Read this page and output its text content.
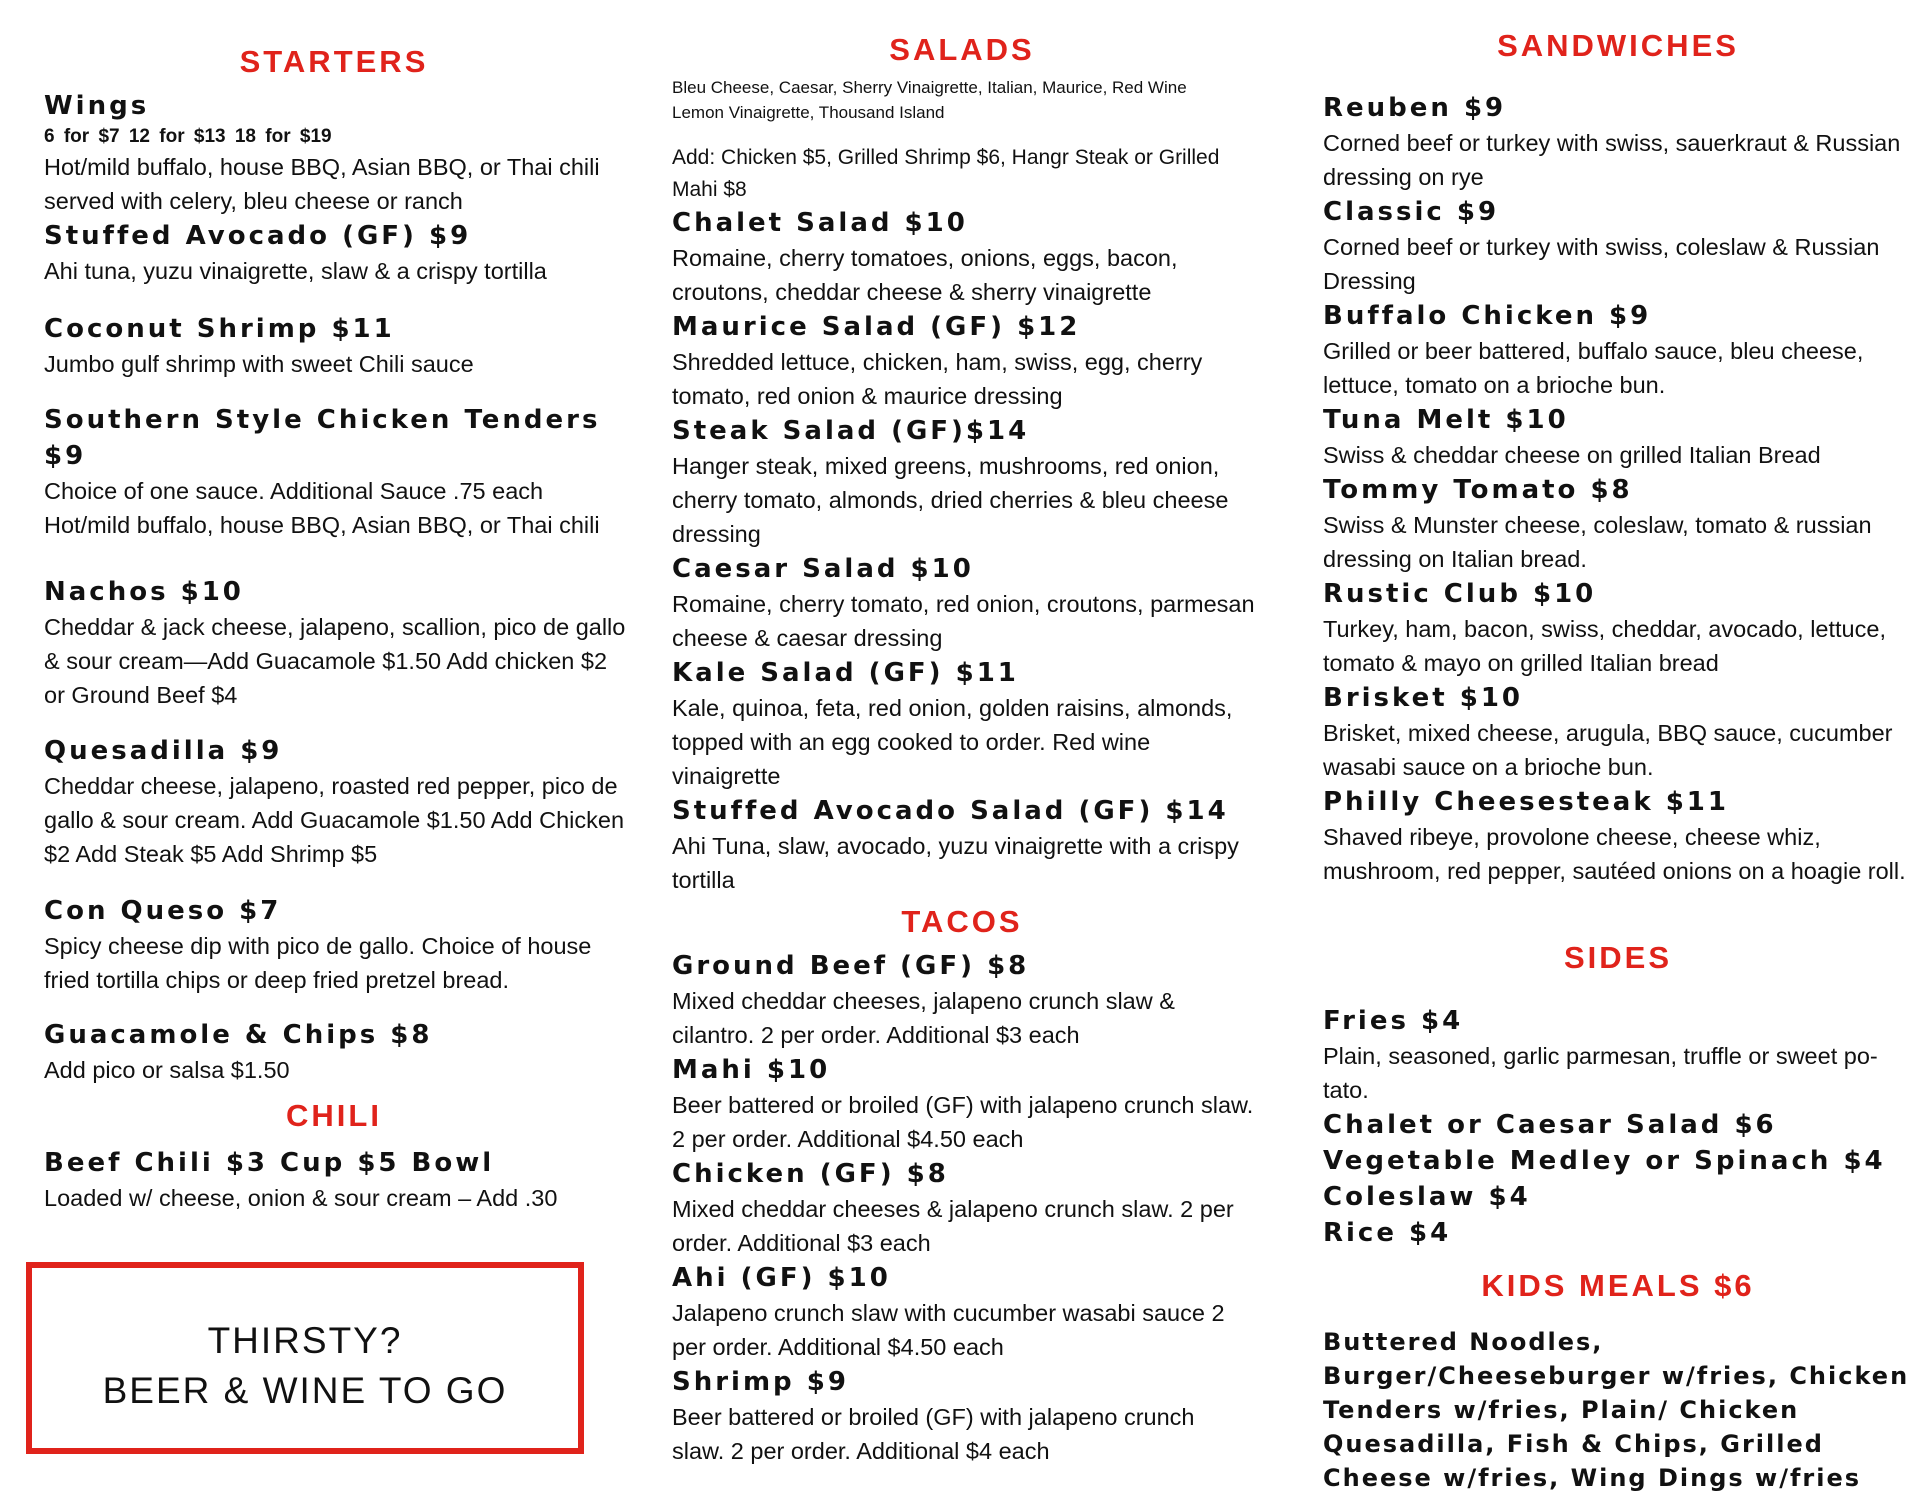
STARTERS

Wings

6 for $7 12 for $13 18 for $19

Hot/mild buffalo, house BBQ, Asian BBQ, or Thai chili served with celery, bleu cheese or ranch

Stuffed Avocado (GF) $9

Ahi tuna, yuzu vinaigrette, slaw & a crispy tortilla

Coconut Shrimp $11

Jumbo gulf shrimp with sweet Chili sauce

Southern Style Chicken Tenders $9

Choice of one sauce. Additional Sauce .75 each Hot/mild buffalo, house BBQ, Asian BBQ, or Thai chili

Nachos $10

Cheddar & jack cheese, jalapeno, scallion, pico de gallo & sour cream—Add Guacamole $1.50 Add chicken $2 or Ground Beef $4

Quesadilla $9

Cheddar cheese, jalapeno, roasted red pepper, pico de gallo & sour cream. Add Guacamole $1.50 Add Chicken $2 Add Steak $5 Add Shrimp $5

Con Queso $7

Spicy cheese dip with pico de gallo. Choice of house fried tortilla chips or deep fried pretzel bread.

Guacamole & Chips $8

Add pico or salsa $1.50

CHILI

Beef Chili $3 Cup $5 Bowl

Loaded w/ cheese, onion & sour cream – Add .30

THIRSTY?
BEER & WINE TO GO
SALADS

Bleu Cheese, Caesar, Sherry Vinaigrette, Italian, Maurice, Red Wine Lemon Vinaigrette, Thousand Island

Add: Chicken $5, Grilled Shrimp $6, Hangr Steak or Grilled Mahi $8

Chalet Salad $10

Romaine, cherry tomatoes, onions, eggs, bacon, croutons, cheddar cheese & sherry vinaigrette

Maurice Salad (GF) $12

Shredded lettuce, chicken, ham, swiss, egg, cherry tomato, red onion & maurice dressing

Steak Salad (GF)$14

Hanger steak, mixed greens, mushrooms, red onion, cherry tomato, almonds, dried cherries & bleu cheese dressing

Caesar Salad $10

Romaine, cherry tomato, red onion, croutons, parmesan cheese & caesar dressing

Kale Salad (GF) $11

Kale, quinoa, feta, red onion, golden raisins, almonds, topped with an egg cooked to order. Red wine vinaigrette

Stuffed Avocado Salad (GF) $14

Ahi Tuna, slaw, avocado, yuzu vinaigrette with a crispy tortilla

TACOS

Ground Beef (GF) $8

Mixed cheddar cheeses, jalapeno crunch slaw & cilantro. 2 per order. Additional $3 each

Mahi $10

Beer battered or broiled (GF) with jalapeno crunch slaw. 2 per order. Additional $4.50 each

Chicken (GF) $8

Mixed cheddar cheeses & jalapeno crunch slaw. 2 per order. Additional $3 each

Ahi (GF) $10

Jalapeno crunch slaw with cucumber wasabi sauce 2 per order. Additional $4.50 each

Shrimp $9

Beer battered or broiled (GF) with jalapeno crunch

slaw. 2 per order. Additional $4 each

SANDWICHES

Reuben $9

Corned beef or turkey with swiss, sauerkraut & Russian dressing on rye

Classic $9

Corned beef or turkey with swiss, coleslaw & Russian Dressing

Buffalo Chicken $9

Grilled or beer battered, buffalo sauce, bleu cheese, lettuce, tomato on a brioche bun.

Tuna Melt $10

Swiss & cheddar cheese on grilled Italian Bread

Tommy Tomato $8

Swiss & Munster cheese, coleslaw, tomato & russian dressing on Italian bread.

Rustic Club $10

Turkey, ham, bacon, swiss, cheddar, avocado, lettuce, tomato & mayo on grilled Italian bread

Brisket $10

Brisket, mixed cheese, arugula, BBQ sauce, cucumber wasabi sauce on a brioche bun.

Philly Cheesesteak $11

Shaved ribeye, provolone cheese, cheese whiz, mushroom, red pepper, sautéed onions on a hoagie roll.

SIDES

Fries $4

Plain, seasoned, garlic parmesan, truffle or sweet po-tato.

Chalet or Caesar Salad $6

Vegetable Medley or Spinach $4

Coleslaw $4

Rice $4

KIDS MEALS $6

Buttered Noodles, Burger/Cheeseburger w/fries, Chicken Tenders w/fries, Plain/ Chicken Quesadilla, Fish & Chips, Grilled Cheese w/fries, Wing Dings w/fries
